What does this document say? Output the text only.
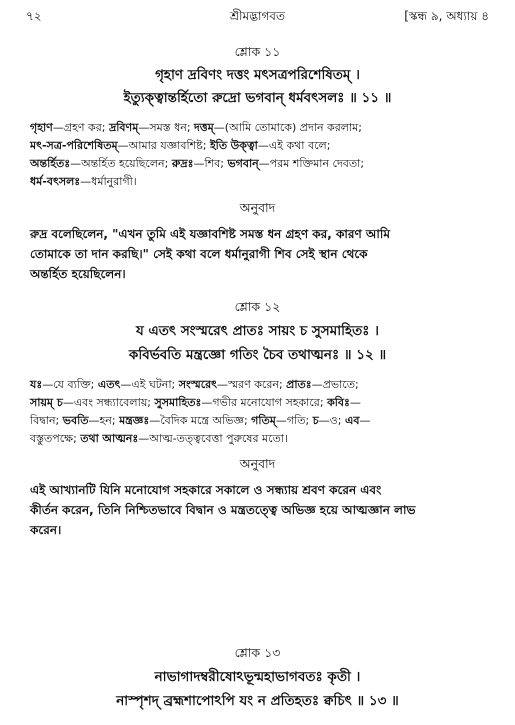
৭২	শ্রীমদ্ভাগবত	[স্কন্ধ ৯, অধ্যায় ৪
শ্লোক ১১
গৃহাণ দ্রবিণং দত্তং মৎসত্রপরিশেষিতম্ ।
ইত্যুক্ত্বান্তর্হিতো রুদ্রো ভগবান্ ধর্মবৎসলঃ ॥ ১১ ॥
গৃহাণ—গ্রহণ কর; দ্রবিণম্—সমস্ত ধন; দত্তম্—(আমি তোমাকে) প্রদান করলাম;
মৎ-সত্র-পরিশেষিতম্—আমার যজ্ঞাবশিষ্ট; ইতি উক্ত্বা—এই কথা বলে;
অন্তর্হিতঃ—অন্তর্হিত হয়েছিলেন; রুদ্রঃ—শিব; ভগবান্—পরম শক্তিমান দেবতা;
ধর্ম-বৎসলঃ—ধর্মানুরাগী।
অনুবাদ
রুদ্র বলেছিলেন, "এখন তুমি এই যজ্ঞাবশিষ্ট সমস্ত ধন গ্রহণ কর, কারণ আমি
তোমাকে তা দান করছি।" সেই কথা বলে ধর্মানুরাগী শিব সেই স্থান থেকে
অন্তর্হিত হয়েছিলেন।
শ্লোক ১২
য এতৎ সংস্মরেৎ প্রাতঃ সায়ং চ সুসমাহিতঃ ।
কবির্ভবতি মন্ত্রজ্ঞো গতিং চৈব তথাত্মনঃ ॥ ১২ ॥
যঃ—যে ব্যক্তি; এতৎ—এই ঘটনা; সংস্মরেৎ—স্মরণ করেন; প্রাতঃ—প্রভাতে;
সায়ম্ চ—এবং সন্ধ্যাবেলায়; সুসমাহিতঃ—গভীর মনোযোগ সহকারে; কবিঃ—
বিদ্বান; ভবতি—হন; মন্ত্রজ্ঞঃ—বৈদিক মন্ত্রে অভিজ্ঞ; গতিম্—গতি; চ—ও; এব—
বস্তুতপক্ষে; তথা আত্মনঃ—আত্ম-তত্ত্ববেত্তা পুরুষের মতো।
অনুবাদ
এই আখ্যানটি যিনি মনোযোগ সহকারে সকালে ও সন্ধ্যায় শ্রবণ করেন এবং
কীর্তন করেন, তিনি নিশ্চিতভাবে বিদ্বান ও মন্ত্রতত্ত্বে অভিজ্ঞ হয়ে আত্মজ্ঞান লাভ
করেন।
শ্লোক ১৩
নাভাগাদম্বরীষোঽভূন্মহাভাগবতঃ কৃতী ।
নাস্পৃশদ্ ব্রহ্মশাপোঽপি যং ন প্রতিহতঃ ক্বচিৎ ॥ ১৩ ॥
